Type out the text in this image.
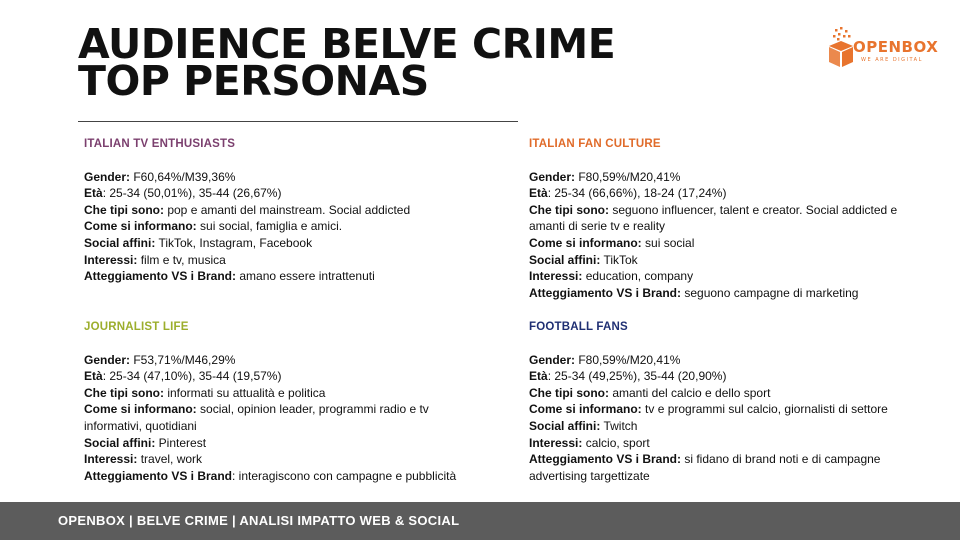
AUDIENCE BELVE CRIME
TOP PERSONAS
OPENBOX
WE ARE DIGITAL
ITALIAN TV ENTHUSIASTS

Gender: F60,64%/M39,36%

Età: 25-34 (50,01%), 35-44 (26,67%)

Che tipi sono: pop e amanti del mainstream. Social addicted

Come si informano: sui social, famiglia e amici.

Social affini: TikTok, Instagram, Facebook

Interessi: film e tv, musica

Atteggiamento VS i Brand: amano essere intrattenuti

ITALIAN FAN CULTURE

Gender: F80,59%/M20,41%

Età: 25-34 (66,66%), 18-24 (17,24%)

Che tipi sono: seguono influencer, talent e creator. Social addicted e amanti di serie tv e reality

Come si informano: sui social

Social affini: TikTok

Interessi: education, company

Atteggiamento VS i Brand: seguono campagne di marketing

JOURNALIST LIFE

Gender: F53,71%/M46,29%

Età: 25-34 (47,10%), 35-44 (19,57%)

Che tipi sono: informati su attualità e politica

Come si informano: social, opinion leader, programmi radio e tv informativi, quotidiani

Social affini: Pinterest

Interessi: travel, work

Atteggiamento VS i Brand: interagiscono con campagne e pubblicità

FOOTBALL FANS

Gender: F80,59%/M20,41%

Età: 25-34 (49,25%), 35-44 (20,90%)

Che tipi sono: amanti del calcio e dello sport

Come si informano: tv e programmi sul calcio, giornalisti di settore

Social affini: Twitch

Interessi: calcio, sport

Atteggiamento VS i Brand: si fidano di brand noti e di campagne advertising targettizate

OPENBOX | BELVE CRIME | ANALISI IMPATTO WEB & SOCIAL
